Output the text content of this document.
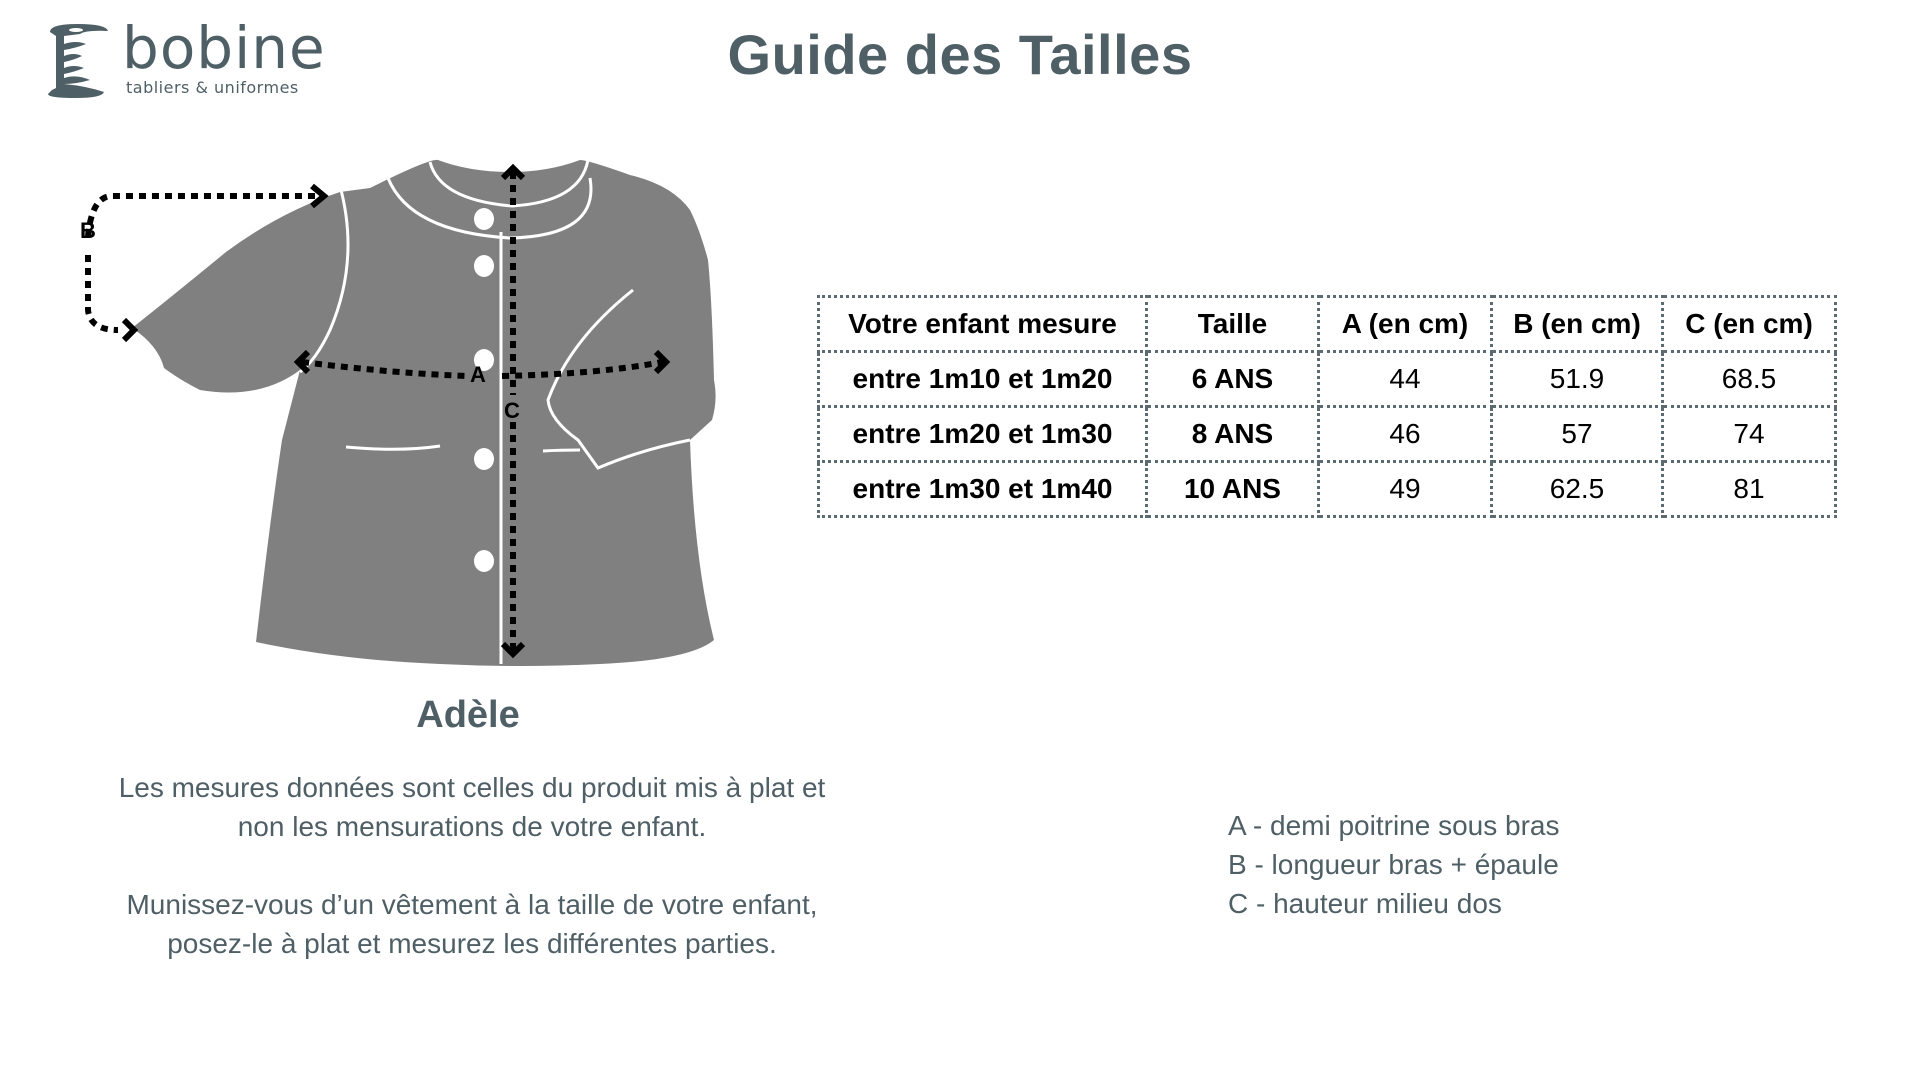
bobine
tabliers & uniformes
Guide des Tailles
B
A
C
Adèle

Les mesures données sont celles du produit mis à plat et
non les mensurations de votre enfant.

Munissez-vous d’un vêtement à la taille de votre enfant,
posez-le à plat et mesurez les différentes parties.

Votre enfant mesure	Taille	A (en cm)	B (en cm)	C (en cm)
entre 1m10 et 1m20	6 ANS	44	51.9	68.5
entre 1m20 et 1m30	8 ANS	46	57	74
entre 1m30 et 1m40	10 ANS	49	62.5	81
A - demi poitrine sous bras
B - longueur bras + épaule
C - hauteur milieu dos
